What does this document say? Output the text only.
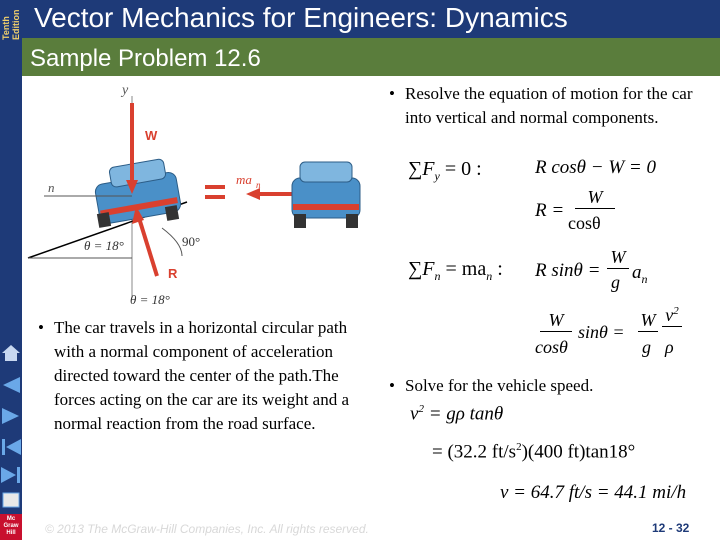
Tenth Edition Vector Mechanics for Engineers: Dynamics
Sample Problem 12.6
y
W
n
R
θ = 18°	90°
θ = 18°
ma n
• Resolve the equation of motion for the car into vertical and normal components.
$\sum F_y = 0$ :	R cosθ − W = 0
R =
W
cosθ
$\sum F_n = ma_n$ : R sinθ =
W
g $a_n$
W
cosθ
sinθ =
W
g
$v^2$
ρ
• Solve for the vehicle speed.
$v^2 = g\rho$ tanθ
= (32.2 $ft/s^2)(400$ ft)tan18°
v = 64.7 ft/s = 44.1 mi/h
• The car travels in a horizontal circular path with a normal component of acceleration directed toward the center of the path.The forces acting on the car are its weight and a normal reaction from the road surface.
Mc
Graw
Hill	© 2013 The McGraw-Hill Companies, Inc. All rights reserved.	12 - 32
